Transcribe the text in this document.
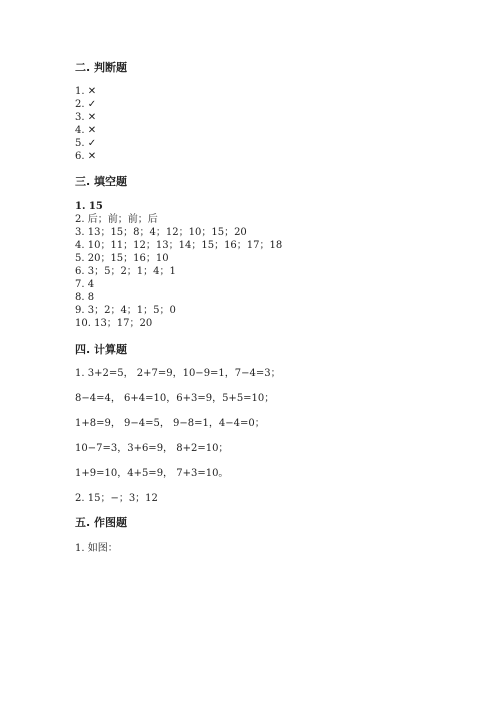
二. 判断题
1. ✕
2. ✓
3. ✕
4. ✕
5. ✓
6. ✕
三. 填空题
1. 15
2. 后；前；前；后
3. 13；15；8；4；12；10；15；20
4. 10；11；12；13；14；15；16；17；18
5. 20；15；16；10
6. 3；5；2；1；4；1
7. 4
8. 8
9. 3；2；4；1；5；0
10. 13；17；20
四. 计算题
1. 3+2=5， 2+7=9，10−9=1，7−4=3；
8−4=4， 6+4=10，6+3=9，5+5=10；
1+8=9， 9−4=5， 9−8=1，4−4=0；
10−7=3，3+6=9， 8+2=10；
1+9=10，4+5=9， 7+3=10。
2. 15；−；3；12
五. 作图题
1. 如图：
